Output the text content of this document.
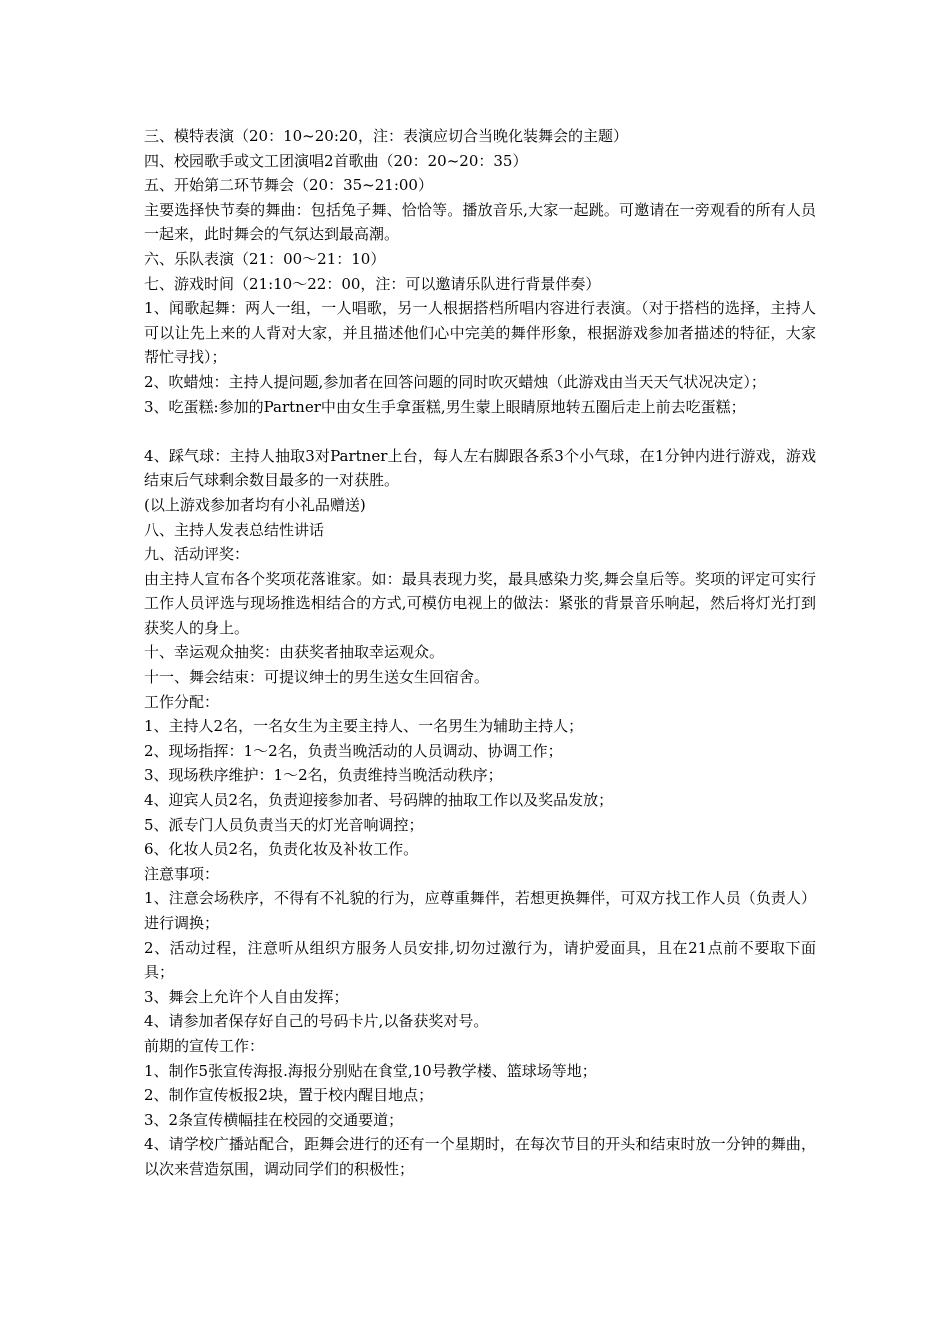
三、模特表演（20：10~20:20，注：表演应切合当晚化装舞会的主题）
四、校园歌手或文工团演唱2首歌曲（20：20~20：35）
五、开始第二环节舞会（20：35~21:00）
主要选择快节奏的舞曲：包括兔子舞、恰恰等。播放音乐,大家一起跳。可邀请在一旁观看的所有人员一起来，此时舞会的气氛达到最高潮。
六、乐队表演（21：00～21：10）
七、游戏时间（21:10～22：00，注：可以邀请乐队进行背景伴奏）
1、闻歌起舞：两人一组，一人唱歌，另一人根据搭档所唱内容进行表演。（对于搭档的选择，主持人可以让先上来的人背对大家，并且描述他们心中完美的舞伴形象，根据游戏参加者描述的特征，大家帮忙寻找）；
2、吹蜡烛：主持人提问题,参加者在回答问题的同时吹灭蜡烛（此游戏由当天天气状况决定）；
3、吃蛋糕:参加的Partner中由女生手拿蛋糕,男生蒙上眼睛原地转五圈后走上前去吃蛋糕；
4、踩气球：主持人抽取3对Partner上台，每人左右脚跟各系3个小气球，在1分钟内进行游戏，游戏结束后气球剩余数目最多的一对获胜。
(以上游戏参加者均有小礼品赠送)
八、主持人发表总结性讲话
九、活动评奖：
由主持人宣布各个奖项花落谁家。如：最具表现力奖，最具感染力奖,舞会皇后等。奖项的评定可实行工作人员评选与现场推选相结合的方式,可模仿电视上的做法：紧张的背景音乐响起，然后将灯光打到获奖人的身上。
十、幸运观众抽奖：由获奖者抽取幸运观众。
十一、舞会结束：可提议绅士的男生送女生回宿舍。
工作分配：
1、主持人2名，一名女生为主要主持人、一名男生为辅助主持人；
2、现场指挥：1～2名，负责当晚活动的人员调动、协调工作；
3、现场秩序维护：1～2名，负责维持当晚活动秩序；
4、迎宾人员2名，负责迎接参加者、号码牌的抽取工作以及奖品发放；
5、派专门人员负责当天的灯光音响调控；
6、化妆人员2名，负责化妆及补妆工作。
注意事项：
1、注意会场秩序，不得有不礼貌的行为，应尊重舞伴，若想更换舞伴，可双方找工作人员（负责人）进行调换；
2、活动过程，注意听从组织方服务人员安排,切勿过激行为，请护爱面具，且在21点前不要取下面具；
3、舞会上允许个人自由发挥；
4、请参加者保存好自己的号码卡片,以备获奖对号。
前期的宣传工作：
1、制作5张宣传海报.海报分别贴在食堂,10号教学楼、篮球场等地；
2、制作宣传板报2块，置于校内醒目地点；
3、2条宣传横幅挂在校园的交通要道；
4、请学校广播站配合，距舞会进行的还有一个星期时，在每次节目的开头和结束时放一分钟的舞曲，以次来营造氛围，调动同学们的积极性；
